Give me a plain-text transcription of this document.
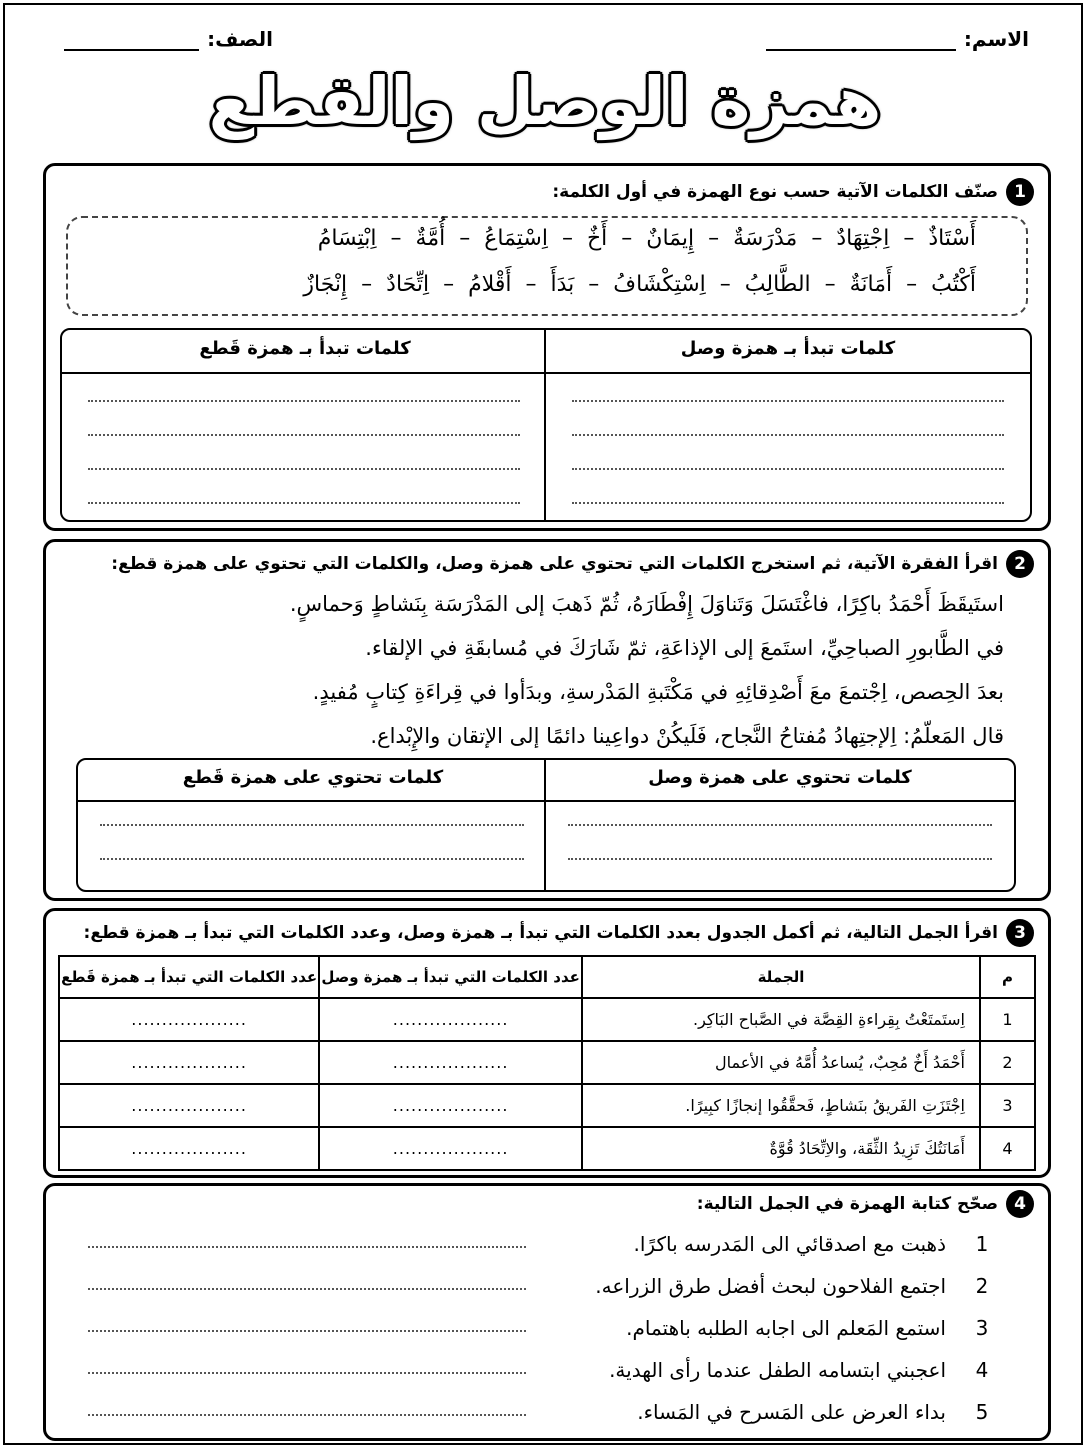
الاسم:
الصف:
همزة الوصل والقطع
1
صنّف الكلمات الآتية حسب نوع الهمزة في أول الكلمة:
أَسْتَاذٌ
–
اِجْتِهَادٌ
–
مَدْرَسَةٌ
–
إِيمَانٌ
–
أَخٌ
–
اِسْتِمَاعُ
–
أُمَّةٌ
–
اِبْتِسَامُ
أَكْتُبُ
–
أَمَانَةٌ
–
الطَّالِبُ
–
اِسْتِكْشَافُ
–
بَدَأَ
–
أَقْلامُ
–
اِتِّحَادٌ
–
إِنْجَازٌ
كلمات تبدأ بـ همزة وصل
كلمات تبدأ بـ همزة قَطع
2
اقرأ الفقرة الآتية، ثم استخرج الكلمات التي تحتوي على همزة وصل، والكلمات التي تحتوي على همزة قطع:
استَيقَظَ أَحْمَدُ باكِرًا، فاغْتَسَلَ وَتَناوَلَ إِفْطَارَهُ، ثُمّ ذَهبَ إلى المَدْرَسَة بِنَشاطٍ وَحماسٍ.
في الطَّابورِ الصباحِيِّ، استَمعَ إلى الإذاعَةِ، ثمّ شَارَكَ في مُسابقَةِ في الإلقاء.
بعدَ الحِصص، اِجْتمعَ معَ أَصْدِقائِهِ في مَكْتَبةِ المَدْرسةِ، وبدَأوا في قِراءَةِ كِتابٍ مُفيدٍ.
قال المَعلّمُ: اِلإجتِهادُ مُفتاحُ النَّجاح، فَلَيكُنْ دواعِينا دائمًا إلى الإتقان والإِبْداع.
كلمات تحتوي على همزة وصل
كلمات تحتوي على همزة قَطع
3
اقرأ الجمل التالية، ثم أكمل الجدول بعدد الكلمات التي تبدأ بـ همزة وصل، وعدد الكلمات التي تبدأ بـ همزة قطع:
م	الجملة	عدد الكلمات التي تبدأ بـ همزة وصل	عدد الكلمات التي تبدأ بـ همزة قَطع
1	اِستَمتَعْتُ بِقِراءةِ القِصَّة في الصَّباح البَاكِر.	...................	...................
2	أَحْمَدُ أَخٌ مُحِبٌ، يُساعدُ أُمَّهُ في الأعمال	...................	...................
3	اِجْتَزَتِ الفَريقُ بنَشاطٍ، فَحقَّقُوا إنجازًا كبِيرًا.	...................	...................
4	أَمَانَتُكَ تَزِيدُ الثِّقَة، والاِتِّحَادُ قُوَّةٌ	...................	...................
4
صحّح كتابة الهمزة في الجمل التالية:
1
ذهبت مع اصدقائي الى المَدرسه باكرًا.
2
اجتمع الفلاحون لبحث أفضل طرق الزراعه.
3
استمع المَعلم الى اجابه الطلبه باهتمام.
4
اعجبني ابتسامه الطفل عندما رأى الهدية.
5
بداء العرض على المَسرح في المَساء.
